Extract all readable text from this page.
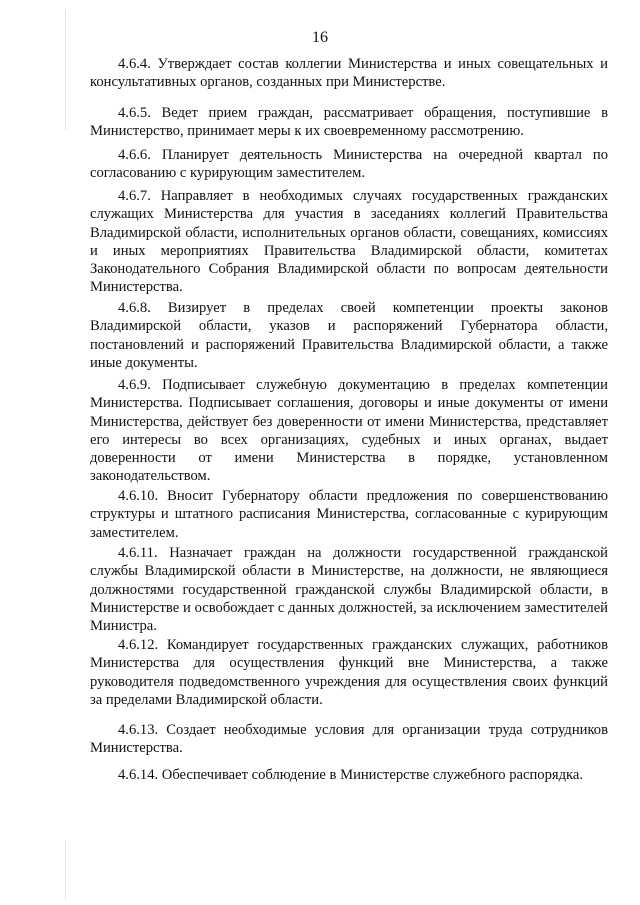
16

4.6.4. Утверждает состав коллегии Министерства и иных совещательных и консультативных органов, созданных при Министерстве.

4.6.5. Ведет прием граждан, рассматривает обращения, поступившие в Министерство, принимает меры к их своевременному рассмотрению.

4.6.6. Планирует деятельность Министерства на очередной квартал по согласованию с курирующим заместителем.

4.6.7. Направляет в необходимых случаях государственных гражданских служащих Министерства для участия в заседаниях коллегий Правительства Владимирской области, исполнительных органов области, совещаниях, комиссиях и иных мероприятиях Правительства Владимирской области, комитетах Законодательного Собрания Владимирской области по вопросам деятельности Министерства.

4.6.8. Визирует в пределах своей компетенции проекты законов Владимирской области, указов и распоряжений Губернатора области, постановлений и распоряжений Правительства Владимирской области, а также иные документы.

4.6.9. Подписывает служебную документацию в пределах компетенции Министерства. Подписывает соглашения, договоры и иные документы от имени Министерства, действует без доверенности от имени Министерства, представляет его интересы во всех организациях, судебных и иных органах, выдает доверенности от имени Министерства в порядке, установленном законодательством.

4.6.10. Вносит Губернатору области предложения по совершенствованию структуры и штатного расписания Министерства, согласованные с курирующим заместителем.

4.6.11. Назначает граждан на должности государственной гражданской службы Владимирской области в Министерстве, на должности, не являющиеся должностями государственной гражданской службы Владимирской области, в Министерстве и освобождает с данных должностей, за исключением заместителей Министра.

4.6.12. Командирует государственных гражданских служащих, работников Министерства для осуществления функций вне Министерства, а также руководителя подведомственного учреждения для осуществления своих функций за пределами Владимирской области.

4.6.13. Создает необходимые условия для организации труда сотрудников Министерства.

4.6.14. Обеспечивает соблюдение в Министерстве служебного распорядка.
